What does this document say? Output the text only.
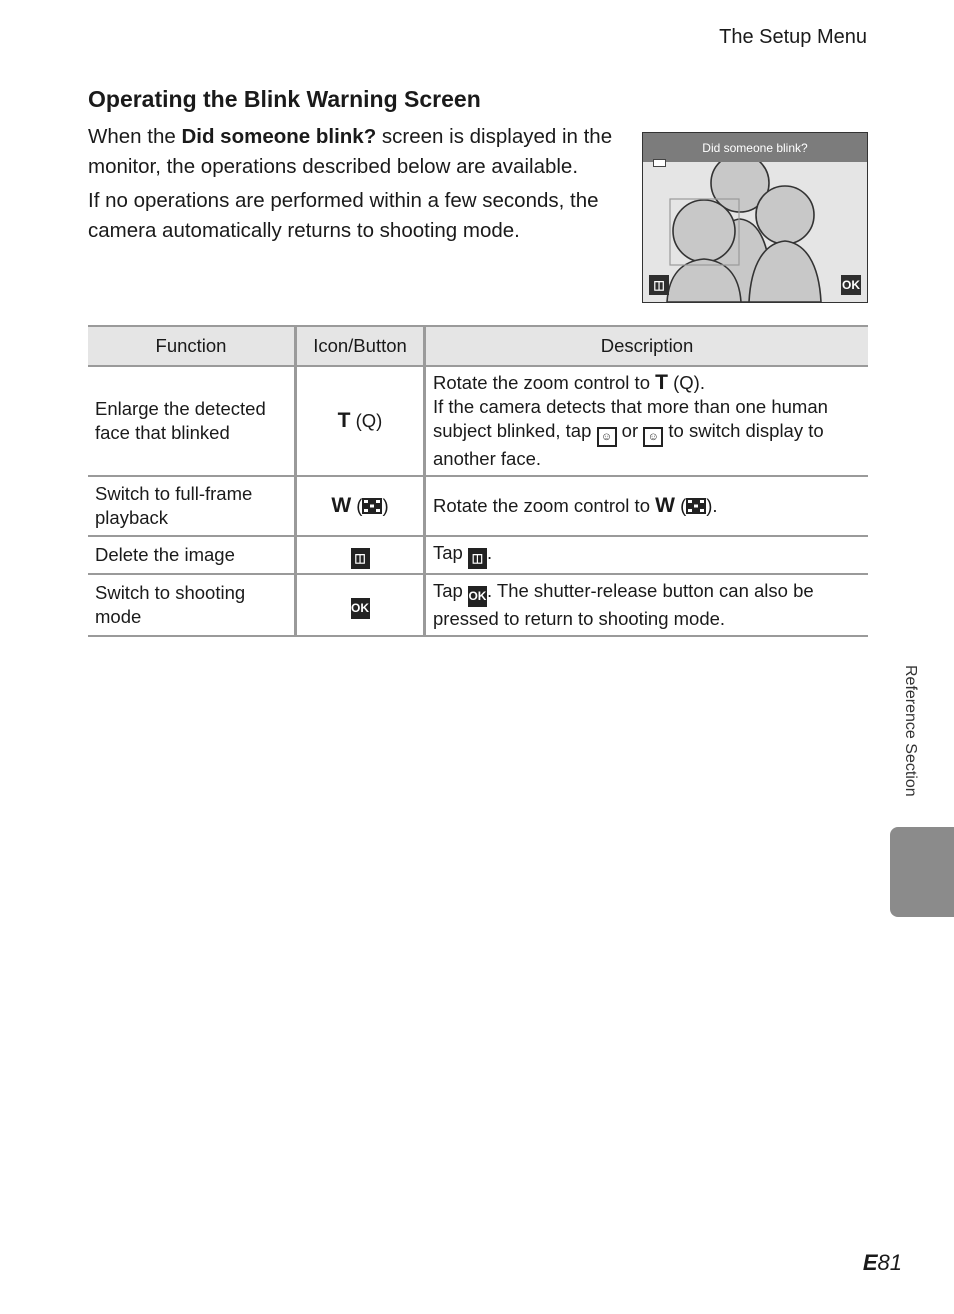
The Setup Menu
Operating the Blink Warning Screen

When the Did someone blink? screen is displayed in the monitor, the operations described below are available.

If no operations are performed within a few seconds, the camera automatically returns to shooting mode.

Did someone blink?
◫	OK
Function	Icon/Button	Description
Enlarge the detected face that blinked	T (Q)	Rotate the zoom control to T (Q).
If the camera detects that more than one human subject blinked, tap ☺ or ☺ to switch display to another face.
Switch to full-frame playback	W ( )	Rotate the zoom control to W ( ).
Delete the image	◫	Tap ◫ .
Switch to shooting mode	OK	Tap OK. The shutter-release button can also be pressed to return to shooting mode.
Reference Section
E81
